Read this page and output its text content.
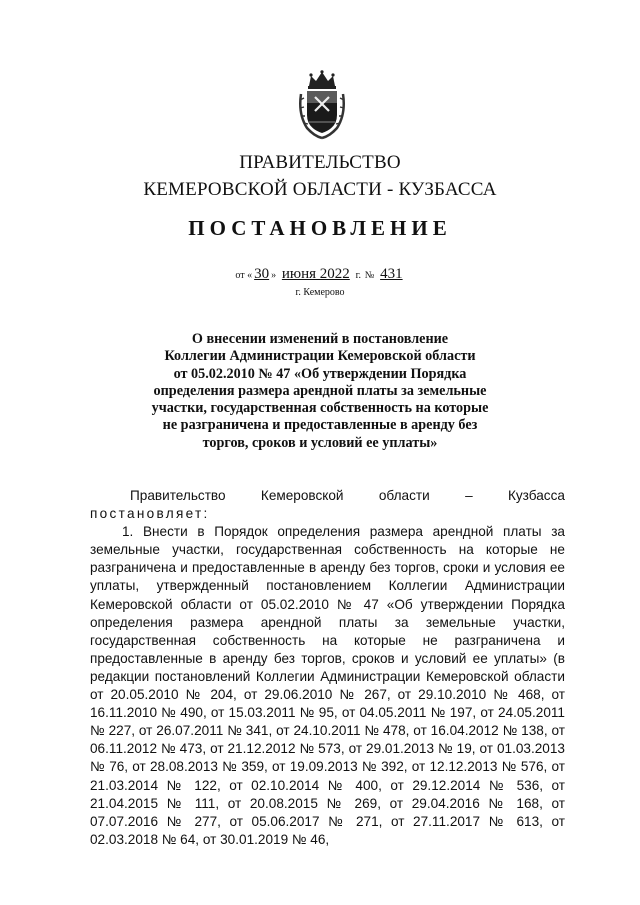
ПРАВИТЕЛЬСТВО
КЕМЕРОВСКОЙ ОБЛАСТИ - КУЗБАССА
ПОСТАНОВЛЕНИЕ
от « 30 » июня 2022 г. № 431
г. Кемерово
О внесении изменений в постановление
Коллегии Администрации Кемеровской области
от 05.02.2010 № 47 «Об утверждении Порядка
определения размера арендной платы за земельные
участки, государственная собственность на которые
не разграничена и предоставленные в аренду без
торгов, сроков и условий ее уплаты»
Правительство	Кемеровской	области	–	Кузбасса

постановляет:

1. Внести в Порядок определения размера арендной платы за земельные участки, государственная собственность на которые не разграничена и предоставленные в аренду без торгов, сроки и условия ее уплаты, утвержденный постановлением Коллегии Администрации Кемеровской области от 05.02.2010 № 47 «Об утверждении Порядка определения размера арендной платы за земельные участки, государственная собственность на которые не разграничена и предоставленные в аренду без торгов, сроков и условий ее уплаты» (в редакции постановлений Коллегии Администрации Кемеровской области от 20.05.2010 № 204, от 29.06.2010 № 267, от 29.10.2010 № 468, от 16.11.2010 № 490, от 15.03.2011 № 95, от 04.05.2011 № 197, от 24.05.2011 № 227, от 26.07.2011 № 341, от 24.10.2011 № 478, от 16.04.2012 № 138, от 06.11.2012 № 473, от 21.12.2012 № 573, от 29.01.2013 № 19, от 01.03.2013 № 76, от 28.08.2013 № 359, от 19.09.2013 № 392, от 12.12.2013 № 576, от 21.03.2014 № 122, от 02.10.2014 № 400, от 29.12.2014 № 536, от 21.04.2015 № 111, от 20.08.2015 № 269, от 29.04.2016 № 168, от 07.07.2016 № 277, от 05.06.2017 № 271, от 27.11.2017 № 613, от 02.03.2018 № 64, от 30.01.2019 № 46,
